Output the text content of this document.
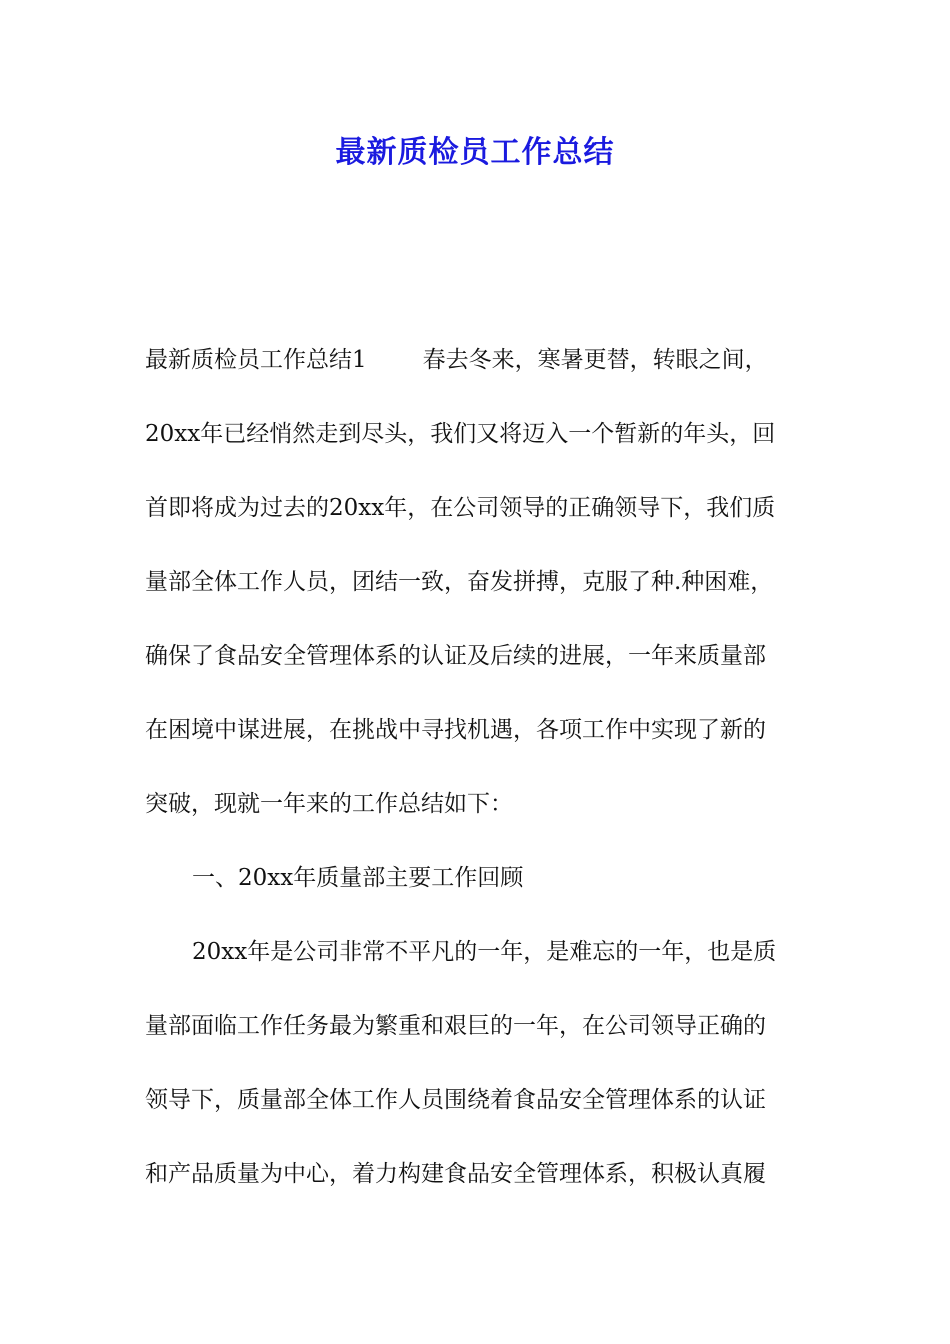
最新质检员工作总结
最新质检员工作总结1 春去冬来，寒暑更替，转眼之间，
20xx年已经悄然走到尽头，我们又将迈入一个暂新的年头，回
首即将成为过去的20xx年，在公司领导的正确领导下，我们质
量部全体工作人员，团结一致，奋发拼搏，克服了种.种困难，
确保了食品安全管理体系的认证及后续的进展，一年来质量部
在困境中谋进展，在挑战中寻找机遇，各项工作中实现了新的
突破，现就一年来的工作总结如下：
一、20xx年质量部主要工作回顾
20xx年是公司非常不平凡的一年，是难忘的一年，也是质
量部面临工作任务最为繁重和艰巨的一年，在公司领导正确的
领导下，质量部全体工作人员围绕着食品安全管理体系的认证
和产品质量为中心，着力构建食品安全管理体系，积极认真履
